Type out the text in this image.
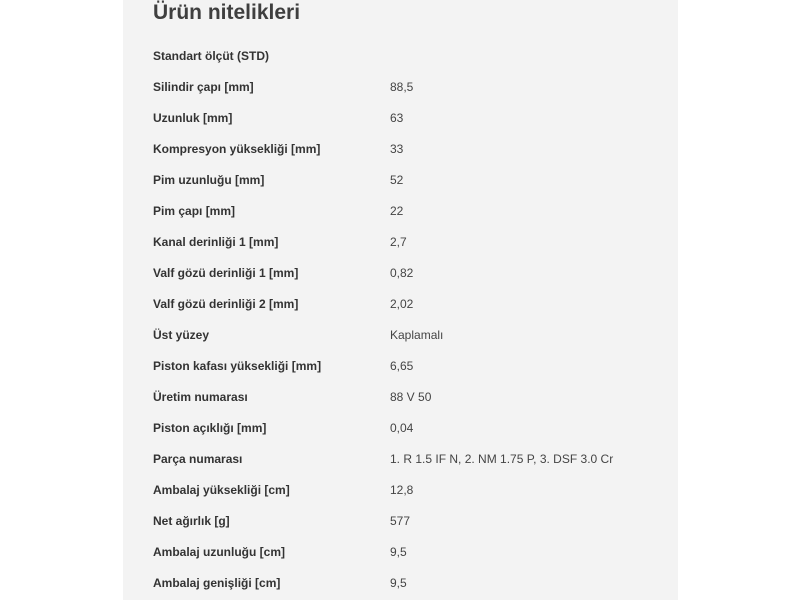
Ürün nitelikleri
Standart ölçüt (STD)
Silindir çapı [mm]	88,5
Uzunluk [mm]	63
Kompresyon yüksekliği [mm]	33
Pim uzunluğu [mm]	52
Pim çapı [mm]	22
Kanal derinliği 1 [mm]	2,7
Valf gözü derinliği 1 [mm]	0,82
Valf gözü derinliği 2 [mm]	2,02
Üst yüzey	Kaplamalı
Piston kafası yüksekliği [mm]	6,65
Üretim numarası	88 V 50
Piston açıklığı [mm]	0,04
Parça numarası	1. R 1.5 IF N, 2. NM 1.75 P, 3. DSF 3.0 Cr
Ambalaj yüksekliği [cm]	12,8
Net ağırlık [g]	577
Ambalaj uzunluğu [cm]	9,5
Ambalaj genişliği [cm]	9,5
